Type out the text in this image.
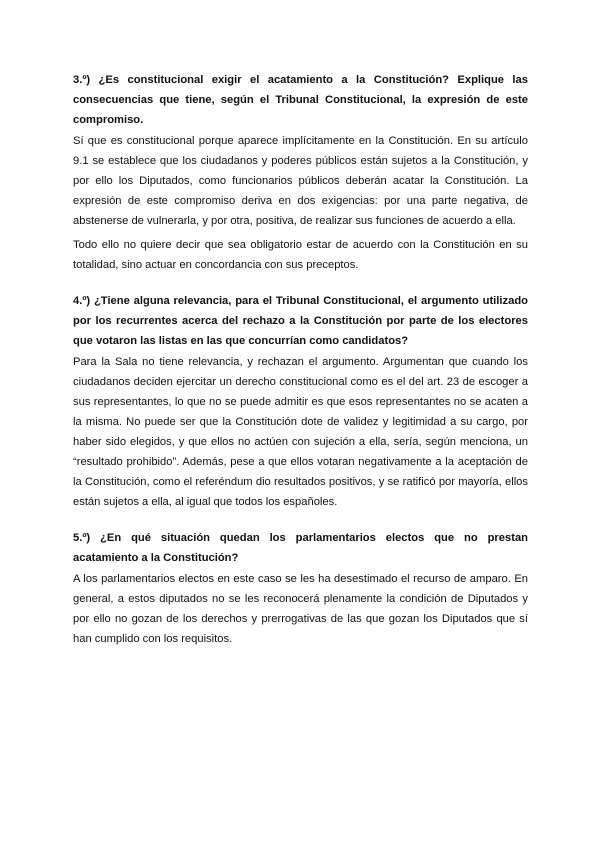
3.º) ¿Es constitucional exigir el acatamiento a la Constitución? Explique las consecuencias que tiene, según el Tribunal Constitucional, la expresión de este compromiso.

Sí que es constitucional porque aparece implícitamente en la Constitución. En su artículo 9.1 se establece que los ciudadanos y poderes públicos están sujetos a la Constitución, y por ello los Diputados, como funcionarios públicos deberán acatar la Constitución. La expresión de este compromiso deriva en dos exigencias: por una parte negativa, de abstenerse de vulnerarla, y por otra, positiva, de realizar sus funciones de acuerdo a ella.

Todo ello no quiere decir que sea obligatorio estar de acuerdo con la Constitución en su totalidad, sino actuar en concordancia con sus preceptos.

4.º) ¿Tiene alguna relevancia, para el Tribunal Constitucional, el argumento utilizado por los recurrentes acerca del rechazo a la Constitución por parte de los electores que votaron las listas en las que concurrían como candidatos?

Para la Sala no tiene relevancia, y rechazan el argumento. Argumentan que cuando los ciudadanos deciden ejercitar un derecho constitucional como es el del art. 23 de escoger a sus representantes, lo que no se puede admitir es que esos representantes no se acaten a la misma. No puede ser que la Constitución dote de validez y legitimidad a su cargo, por haber sido elegidos, y que ellos no actúen con sujeción a ella, sería, según menciona, un “resultado prohibido”. Además, pese a que ellos votaran negativamente a la aceptación de la Constitución, como el referéndum dio resultados positivos, y se ratificó por mayoría, ellos están sujetos a ella, al igual que todos los españoles.

5.º) ¿En qué situación quedan los parlamentarios electos que no prestan acatamiento a la Constitución?

A los parlamentarios electos en este caso se les ha desestimado el recurso de amparo. En general, a estos diputados no se les reconocerá plenamente la condición de Diputados y por ello no gozan de los derechos y prerrogativas de las que gozan los Diputados que sí han cumplido con los requisitos.
